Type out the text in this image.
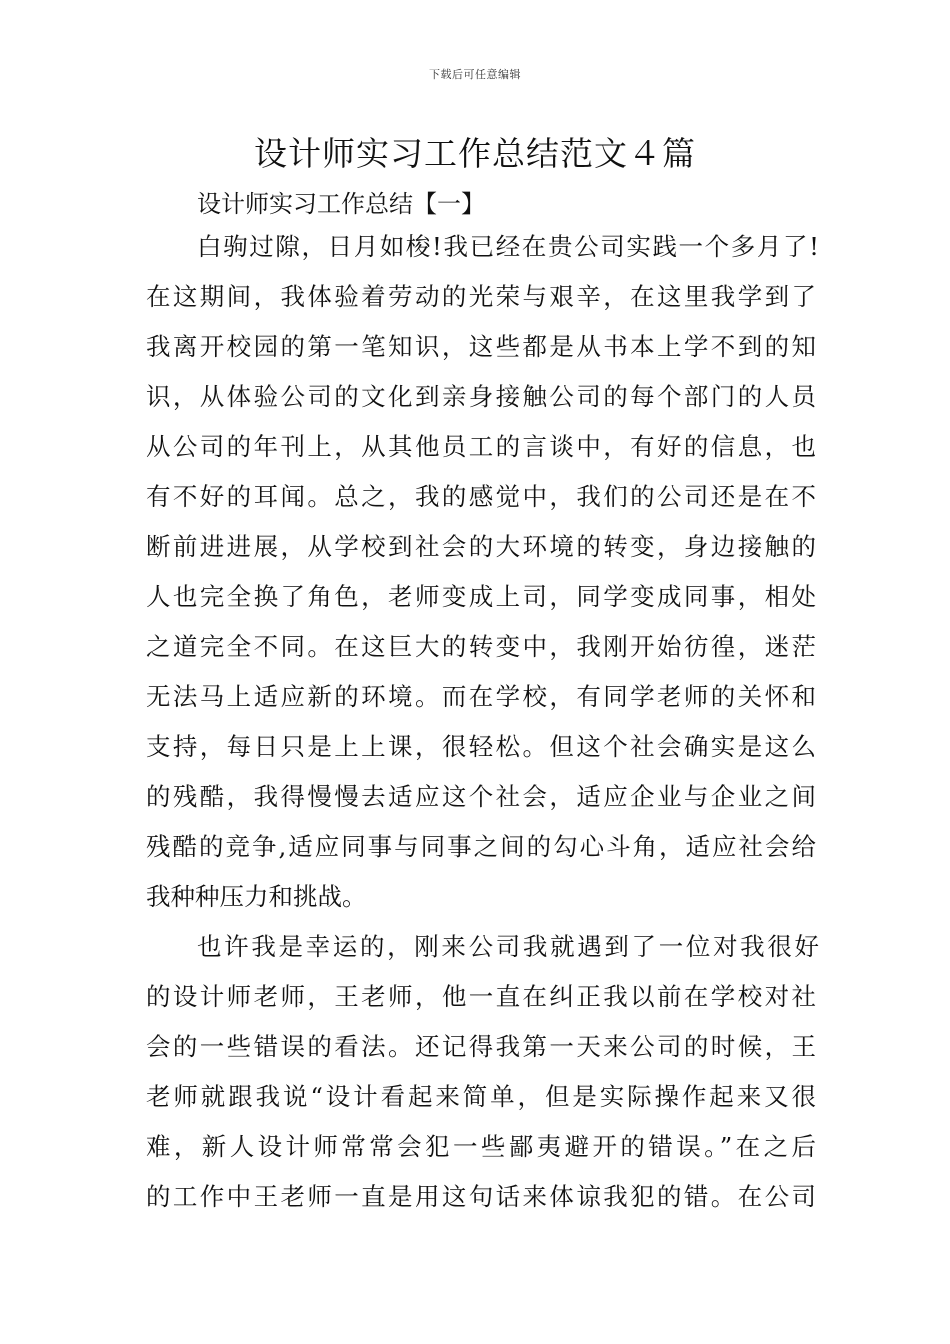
下载后可任意编辑
设计师实习工作总结范文４篇
设计师实习工作总结【一】
白驹过隙，日月如梭!我已经在贵公司实践一个多月了!
在这期间，我体验着劳动的光荣与艰辛，在这里我学到了
我离开校园的第一笔知识，这些都是从书本上学不到的知
识，从体验公司的文化到亲身接触公司的每个部门的人员
从公司的年刊上，从其他员工的言谈中，有好的信息，也
有不好的耳闻。总之，我的感觉中，我们的公司还是在不
断前进进展，从学校到社会的大环境的转变，身边接触的
人也完全换了角色，老师变成上司，同学变成同事，相处
之道完全不同。在这巨大的转变中，我刚开始彷徨，迷茫
无法马上适应新的环境。而在学校，有同学老师的关怀和
支持，每日只是上上课，很轻松。但这个社会确实是这么
的残酷，我得慢慢去适应这个社会，适应企业与企业之间
残酷的竞争,适应同事与同事之间的勾心斗角，适应社会给
我种种压力和挑战。
也许我是幸运的，刚来公司我就遇到了一位对我很好
的设计师老师，王老师，他一直在纠正我以前在学校对社
会的一些错误的看法。还记得我第一天来公司的时候，王
老师就跟我说“设计看起来简单，但是实际操作起来又很
难，新人设计师常常会犯一些鄙夷避开的错误。”在之后
的工作中王老师一直是用这句话来体谅我犯的错。在公司
